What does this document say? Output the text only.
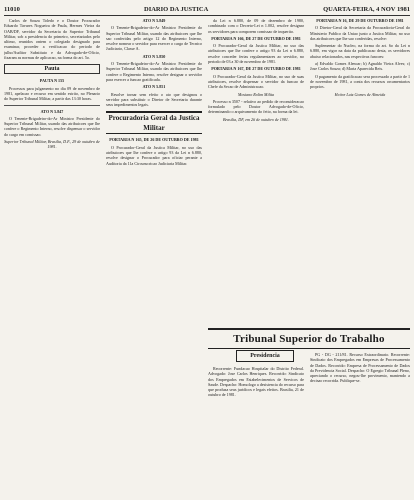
11010	DIARIO DA JUSTICA	QUARTA-FEIRA, 4 NOV 1981

Carlos de Souza Toledo e o Doutor Procurador Eduardo Tavares Nogueira de Paula, Hermes Vieira da OAB/DF, servidor da Secretaria do Superior Tribunal Militar, sob a presidencia do primeiro, secretariados pelo ultimo, reunidos ontem o colegiado designado para examinar, proceder a verificacao do periodo de julho/Auditor Substituto e da Advogado-de-Oficio, fixaram as normas de aplicacao, na forma do art. 5o.

Pauta

PAUTA N 155

Processos para julgamento no dia 09 de novembro de 1981, apelacao e recurso em sentido estrito, no Plenario do Superior Tribunal Militar, a partir das 13:30 horas.

ATO N 5.847

O Tenente-Brigadeiro-do-Ar Ministro Presidente do Superior Tribunal Militar, usando das atribuicoes que lhe confere o Regimento Interno, resolve dispensar o servidor do cargo em comissao.

Superior Tribunal Militar, Brasilia, D.F., 29 de outubro de 1981.

ATO N 5.849

O Tenente-Brigadeiro-do-Ar Ministro Presidente do Superior Tribunal Militar, usando das atribuicoes que lhe sao conferidas pelo artigo 12 do Regimento Interno, resolve nomear o servidor para exercer o cargo de Tecnico Judiciario, Classe A.

ATO N 5.850

O Tenente-Brigadeiro-do-Ar Ministro Presidente do Superior Tribunal Militar, usando das atribuicoes que lhe confere o Regimento Interno, resolve designar o servidor para exercer a funcao gratificada.

ATO N 5.851

Resolve tornar sem efeito o ato que designou o servidor para substituir o Diretor de Secretaria durante seus impedimentos legais.

Procuradoria Geral da Justica Militar

PORTARIA N 165, DE 26 DE OUTUBRO DE 1981

O Procurador-Geral da Justica Militar, no uso das atribuicoes que lhe confere o artigo 93 da Lei n 6.880, resolve designar o Procurador para oficiar perante a Auditoria da 11a Circunscricao Judiciaria Militar.

da Lei n 6.880, de 09 de dezembro de 1980, combinado com o Decreto-Lei n 1.002, resolve designar os servidores para comporem comissao de inquerito.

PORTARIA N 166, DE 27 DE OUTUBRO DE 1981

O Procurador-Geral da Justica Militar, no uso das atribuicoes que lhe confere o artigo 93 da Lei n 6.880, resolve conceder ferias regulamentares ao servidor, no periodo de 03 a 30 de novembro de 1981.

PORTARIA N 167, DE 27 DE OUTUBRO DE 1981

O Procurador-Geral da Justica Militar, no uso de suas atribuicoes, resolve dispensar o servidor da funcao de Chefe da Secao de Administracao.

Mosiano Rolim Milita

Processo n 3507 - relativo ao pedido de reconsideracao formulado pelo Doutor Advogado-de-Oficio, determinando o arquivamento do feito, na forma da lei.

Brasilia, DF, em 26 de outubro de 1981.

PORTARIA N 16, DE 29 DE OUTUBRO DE 1981

O Diretor-Geral da Secretaria da Procuradoria-Geral do Ministerio Publico da Uniao junto a Justica Militar, no uso das atribuicoes que lhe sao conferidas, resolve:

Suplementar do Nucleo, na forma do art. 6o da Lei n 6.880, em vigor na data da publicacao desta, os servidores abaixo relacionados, nas respectivas funcoes:

a) Edvaldo Gomes Alencar; b) Agnaldo Vieira Alves; c) Jose Carlos Souza; d) Maria Aparecida Reis.

O pagamento da gratificacao sera processado a partir de 1 de novembro de 1981, a conta dos recursos orcamentarios proprios.

Heitor Luiz Gomes de Almeida

Tribunal Superior do Trabalho
Presidencia

Recorrente: Fundacao Hospitalar do Distrito Federal. Advogado: Jose Carlos Henriques. Recorrido: Sindicato dos Empregados em Estabelecimentos de Servicos de Saude. Despacho: Homologo a desistencia do recurso para que produza seus juridicos e legais efeitos. Brasilia, 21 de outubro de 1981.

PG - DG - 211/81. Recurso Extraordinario. Recorrente: Sindicato dos Empregados em Empresas de Processamento de Dados. Recorrido: Empresa de Processamento de Dados da Previdencia Social. Despacho: O Egregio Tribunal Pleno, apreciando o recurso, negou-lhe provimento, mantendo a decisao recorrida. Publique-se.
